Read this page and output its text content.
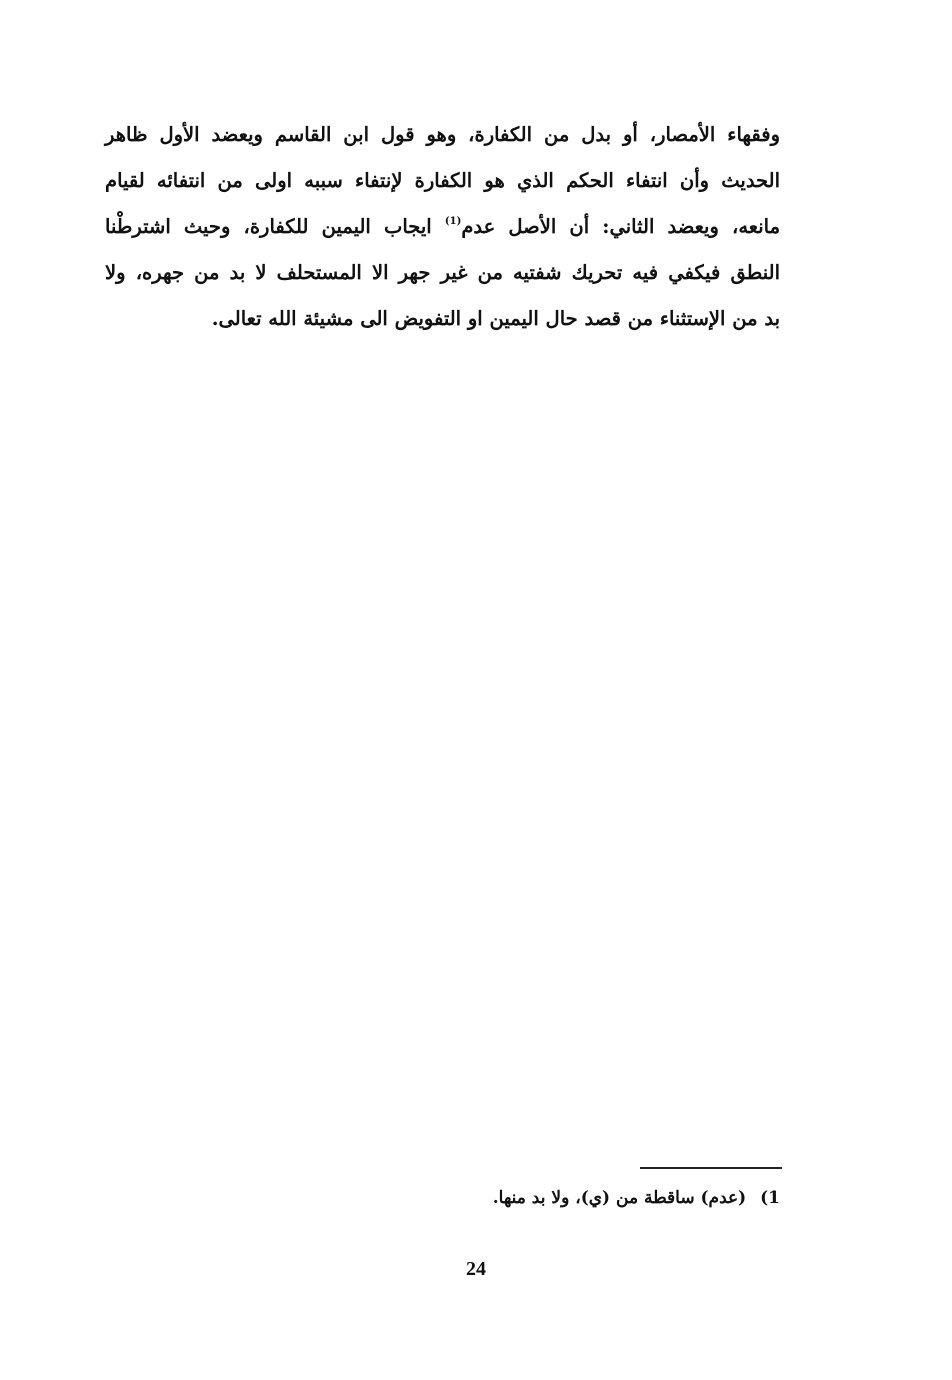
وفقهاء الأمصار، أو بدل من الكفارة، وهو قول ابن القاسم ويعضد الأول ظاهر
الحديث وأن انتفاء الحكم الذي هو الكفارة لإنتفاء سببه اولى من انتفائه لقيام
مانعه، ويعضد الثاني: أن الأصل عدم$^{(1)}$ ايجاب اليمين للكفارة، وحيث اشترطْنا
النطق فيكفي فيه تحريك شفتيه من غير جهر الا المستحلف لا بد من جهره، ولا
بد من الإستثناء من قصد حال اليمين او التفويض الى مشيئة الله تعالى.
1) (عدم) ساقطة من (ي)، ولا بد منها.
24
